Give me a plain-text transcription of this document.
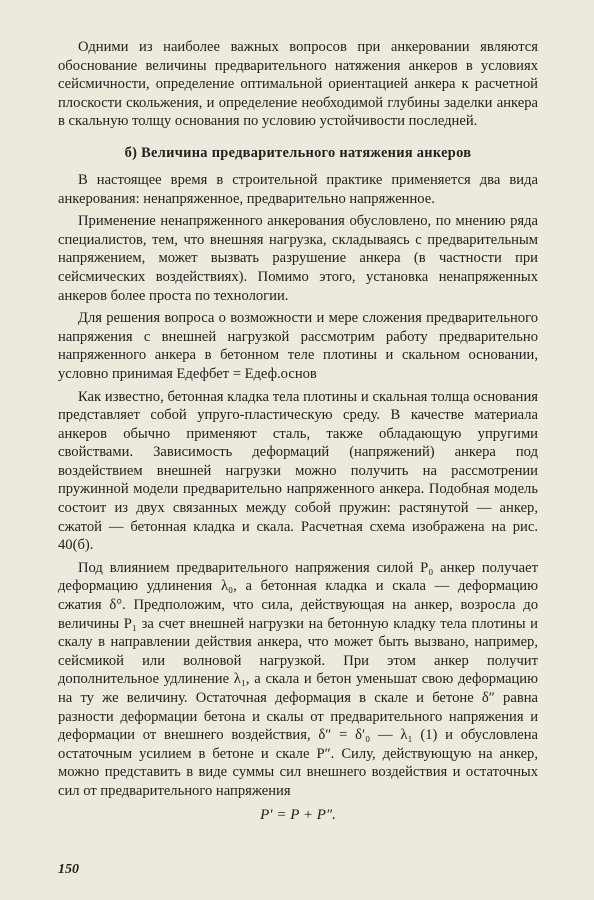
Одними из наиболее важных вопросов при анкеровании являются обоснование величины предварительного натяжения анкеров в условиях сейсмичности, определение оптимальной ориентацией анкера к расчетной плоскости скольжения, и определение необходимой глубины заделки анкера в скальную толщу основания по условию устойчивости последней.

б) Величина предварительного натяжения анкеров

В настоящее время в строительной практике применяется два вида анкерования: ненапряженное, предварительно напряженное.

Применение ненапряженного анкерования обусловлено, по мнению ряда специалистов, тем, что внешняя нагрузка, складываясь с предварительным напряжением, может вызвать разрушение анкера (в частности при сейсмических воздействиях). Помимо этого, установка ненапряженных анкеров более проста по технологии.

Для решения вопроса о возможности и мере сложения предварительного напряжения с внешней нагрузкой рассмотрим работу предварительно напряженного анкера в бетонном теле плотины и скальном основании, условно принимая Eдефбет = Eдеф.основ

Как известно, бетонная кладка тела плотины и скальная толща основания представляет собой упруго-пластическую среду. В качестве материала анкеров обычно применяют сталь, также обладающую упругими свойствами. Зависимость деформаций (напряжений) анкера под воздействием внешней нагрузки можно получить на рассмотрении пружинной модели предварительно напряженного анкера. Подобная модель состоит из двух связанных между собой пружин: растянутой — анкер, сжатой — бетонная кладка и скала. Расчетная схема изображена на рис. 40(б).

Под влиянием предварительного напряжения силой P₀ анкер получает деформацию удлинения λ₀, а бетонная кладка и скала — деформацию сжатия δ°. Предположим, что сила, действующая на анкер, возросла до величины P₁ за счет внешней нагрузки на бетонную кладку тела плотины и скалу в направлении действия анкера, что может быть вызвано, например, сейсмикой или волновой нагрузкой. При этом анкер получит дополнительное удлинение λ₁, а скала и бетон уменьшат свою деформацию на ту же величину. Остаточная деформация в скале и бетоне δ″ равна разности деформации бетона и скалы от предварительного напряжения и деформации от внешнего воздействия, δ″ = δ′₀ — λ₁ (1) и обусловлена остаточным усилием в бетоне и скале P″. Силу, действующую на анкер, можно представить в виде суммы сил внешнего воздействия и остаточных сил от предварительного напряжения

P′ = P + P″.
150
